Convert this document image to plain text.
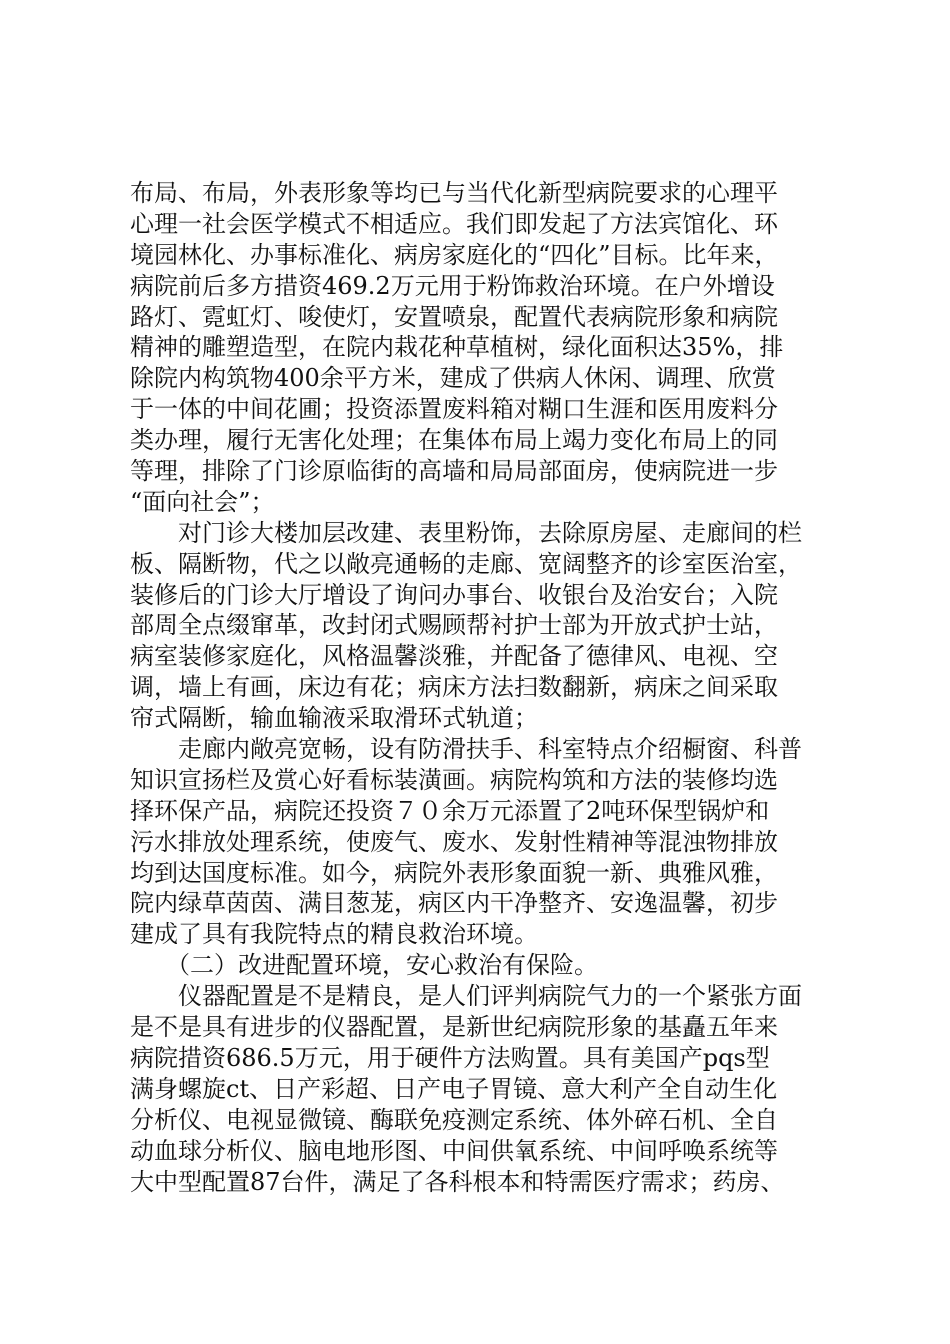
布局、布局，外表形象等均已与当代化新型病院要求的心理平
心理一社会医学模式不相适应。我们即发起了方法宾馆化、环
境园林化、办事标准化、病房家庭化的“四化”目标。比年来，
病院前后多方措资469.2万元用于粉饰救治环境。在户外增设
路灯、霓虹灯、唆使灯，安置喷泉，配置代表病院形象和病院
精神的雕塑造型，在院内栽花种草植树，绿化面积达35%，排
除院内构筑物400余平方米，建成了供病人休闲、调理、欣赏
于一体的中间花圃；投资添置废料箱对糊口生涯和医用废料分
类办理，履行无害化处理；在集体布局上竭力变化布局上的同
等理，排除了门诊原临街的高墙和局局部面房，使病院进一步
“面向社会”；
　　对门诊大楼加层改建、表里粉饰，去除原房屋、走廊间的栏
板、隔断物，代之以敞亮通畅的走廊、宽阔整齐的诊室医治室，
装修后的门诊大厅增设了询问办事台、收银台及治安台；入院
部周全点缀窜革，改封闭式赐顾帮衬护士部为开放式护士站，
病室装修家庭化，风格温馨淡雅，并配备了德律风、电视、空
调，墙上有画，床边有花；病床方法扫数翻新，病床之间采取
帘式隔断，输血输液采取滑环式轨道；
　　走廊内敞亮宽畅，设有防滑扶手、科室特点介绍橱窗、科普
知识宣扬栏及赏心好看标装潢画。病院构筑和方法的装修均选
择环保产品，病院还投资７０余万元添置了2吨环保型锅炉和
污水排放处理系统，使废气、废水、发射性精神等混浊物排放
均到达国度标准。如今，病院外表形象面貌一新、典雅风雅，
院内绿草茵茵、满目葱茏，病区内干净整齐、安逸温馨，初步
建成了具有我院特点的精良救治环境。
　　（二）改进配置环境，安心救治有保险。
　　仪器配置是不是精良，是人们评判病院气力的一个紧张方面
是不是具有进步的仪器配置，是新世纪病院形象的基矗五年来
病院措资686.5万元，用于硬件方法购置。具有美国产pqs型
满身螺旋ct、日产彩超、日产电子胃镜、意大利产全自动生化
分析仪、电视显微镜、酶联免疫测定系统、体外碎石机、全自
动血球分析仪、脑电地形图、中间供氧系统、中间呼唤系统等
大中型配置87台件，满足了各科根本和特需医疗需求；药房、
